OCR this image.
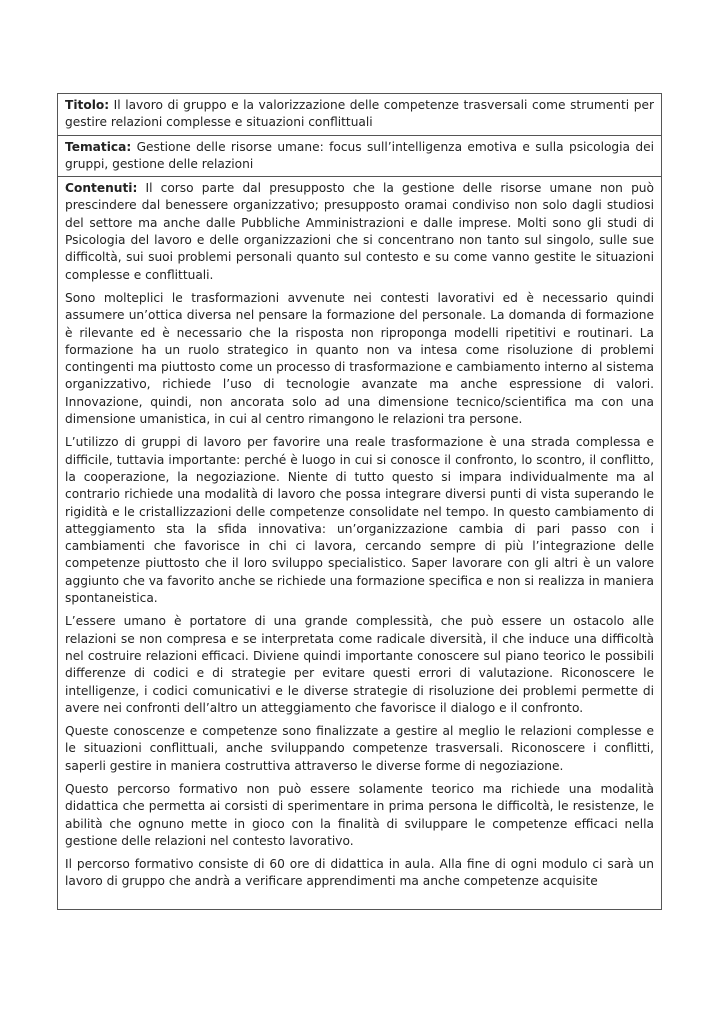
Titolo: Il lavoro di gruppo e la valorizzazione delle competenze trasversali come strumenti per gestire relazioni complesse e situazioni conflittuali
Tematica: Gestione delle risorse umane: focus sull’intelligenza emotiva e sulla psicologia dei gruppi, gestione delle relazioni

Contenuti: Il corso parte dal presupposto che la gestione delle risorse umane non può prescindere dal benessere organizzativo; presupposto oramai condiviso non solo dagli studiosi del settore ma anche dalle Pubbliche Amministrazioni e dalle imprese. Molti sono gli studi di Psicologia del lavoro e delle organizzazioni che si concentrano non tanto sul singolo, sulle sue difficoltà, sui suoi problemi personali quanto sul contesto e su come vanno gestite le situazioni complesse e conflittuali.

Sono molteplici le trasformazioni avvenute nei contesti lavorativi ed è necessario quindi assumere un’ottica diversa nel pensare la formazione del personale. La domanda di formazione è rilevante ed è necessario che la risposta non riproponga modelli ripetitivi e routinari. La formazione ha un ruolo strategico in quanto non va intesa come risoluzione di problemi contingenti ma piuttosto come un processo di trasformazione e cambiamento interno al sistema organizzativo, richiede l’uso di tecnologie avanzate ma anche espressione di valori. Innovazione, quindi, non ancorata solo ad una dimensione tecnico/scientifica ma con una dimensione umanistica, in cui al centro rimangono le relazioni tra persone.

L’utilizzo di gruppi di lavoro per favorire una reale trasformazione è una strada complessa e difficile, tuttavia importante: perché è luogo in cui si conosce il confronto, lo scontro, il conflitto, la cooperazione, la negoziazione. Niente di tutto questo si impara individualmente ma al contrario richiede una modalità di lavoro che possa integrare diversi punti di vista superando le rigidità e le cristallizzazioni delle competenze consolidate nel tempo. In questo cambiamento di atteggiamento sta la sfida innovativa: un’organizzazione cambia di pari passo con i cambiamenti che favorisce in chi ci lavora, cercando sempre di più l’integrazione delle competenze piuttosto che il loro sviluppo specialistico. Saper lavorare con gli altri è un valore aggiunto che va favorito anche se richiede una formazione specifica e non si realizza in maniera spontaneistica.

L’essere umano è portatore di una grande complessità, che può essere un ostacolo alle relazioni se non compresa e se interpretata come radicale diversità, il che induce una difficoltà nel costruire relazioni efficaci. Diviene quindi importante conoscere sul piano teorico le possibili differenze di codici e di strategie per evitare questi errori di valutazione. Riconoscere le intelligenze, i codici comunicativi e le diverse strategie di risoluzione dei problemi permette di avere nei confronti dell’altro un atteggiamento che favorisce il dialogo e il confronto.

Queste conoscenze e competenze sono finalizzate a gestire al meglio le relazioni complesse e le situazioni conflittuali, anche sviluppando competenze trasversali. Riconoscere i conflitti, saperli gestire in maniera costruttiva attraverso le diverse forme di negoziazione.

Questo percorso formativo non può essere solamente teorico ma richiede una modalità didattica che permetta ai corsisti di sperimentare in prima persona le difficoltà, le resistenze, le abilità che ognuno mette in gioco con la finalità di sviluppare le competenze efficaci nella gestione delle relazioni nel contesto lavorativo.

Il percorso formativo consiste di 60 ore di didattica in aula. Alla fine di ogni modulo ci sarà un lavoro di gruppo che andrà a verificare apprendimenti ma anche competenze acquisite
